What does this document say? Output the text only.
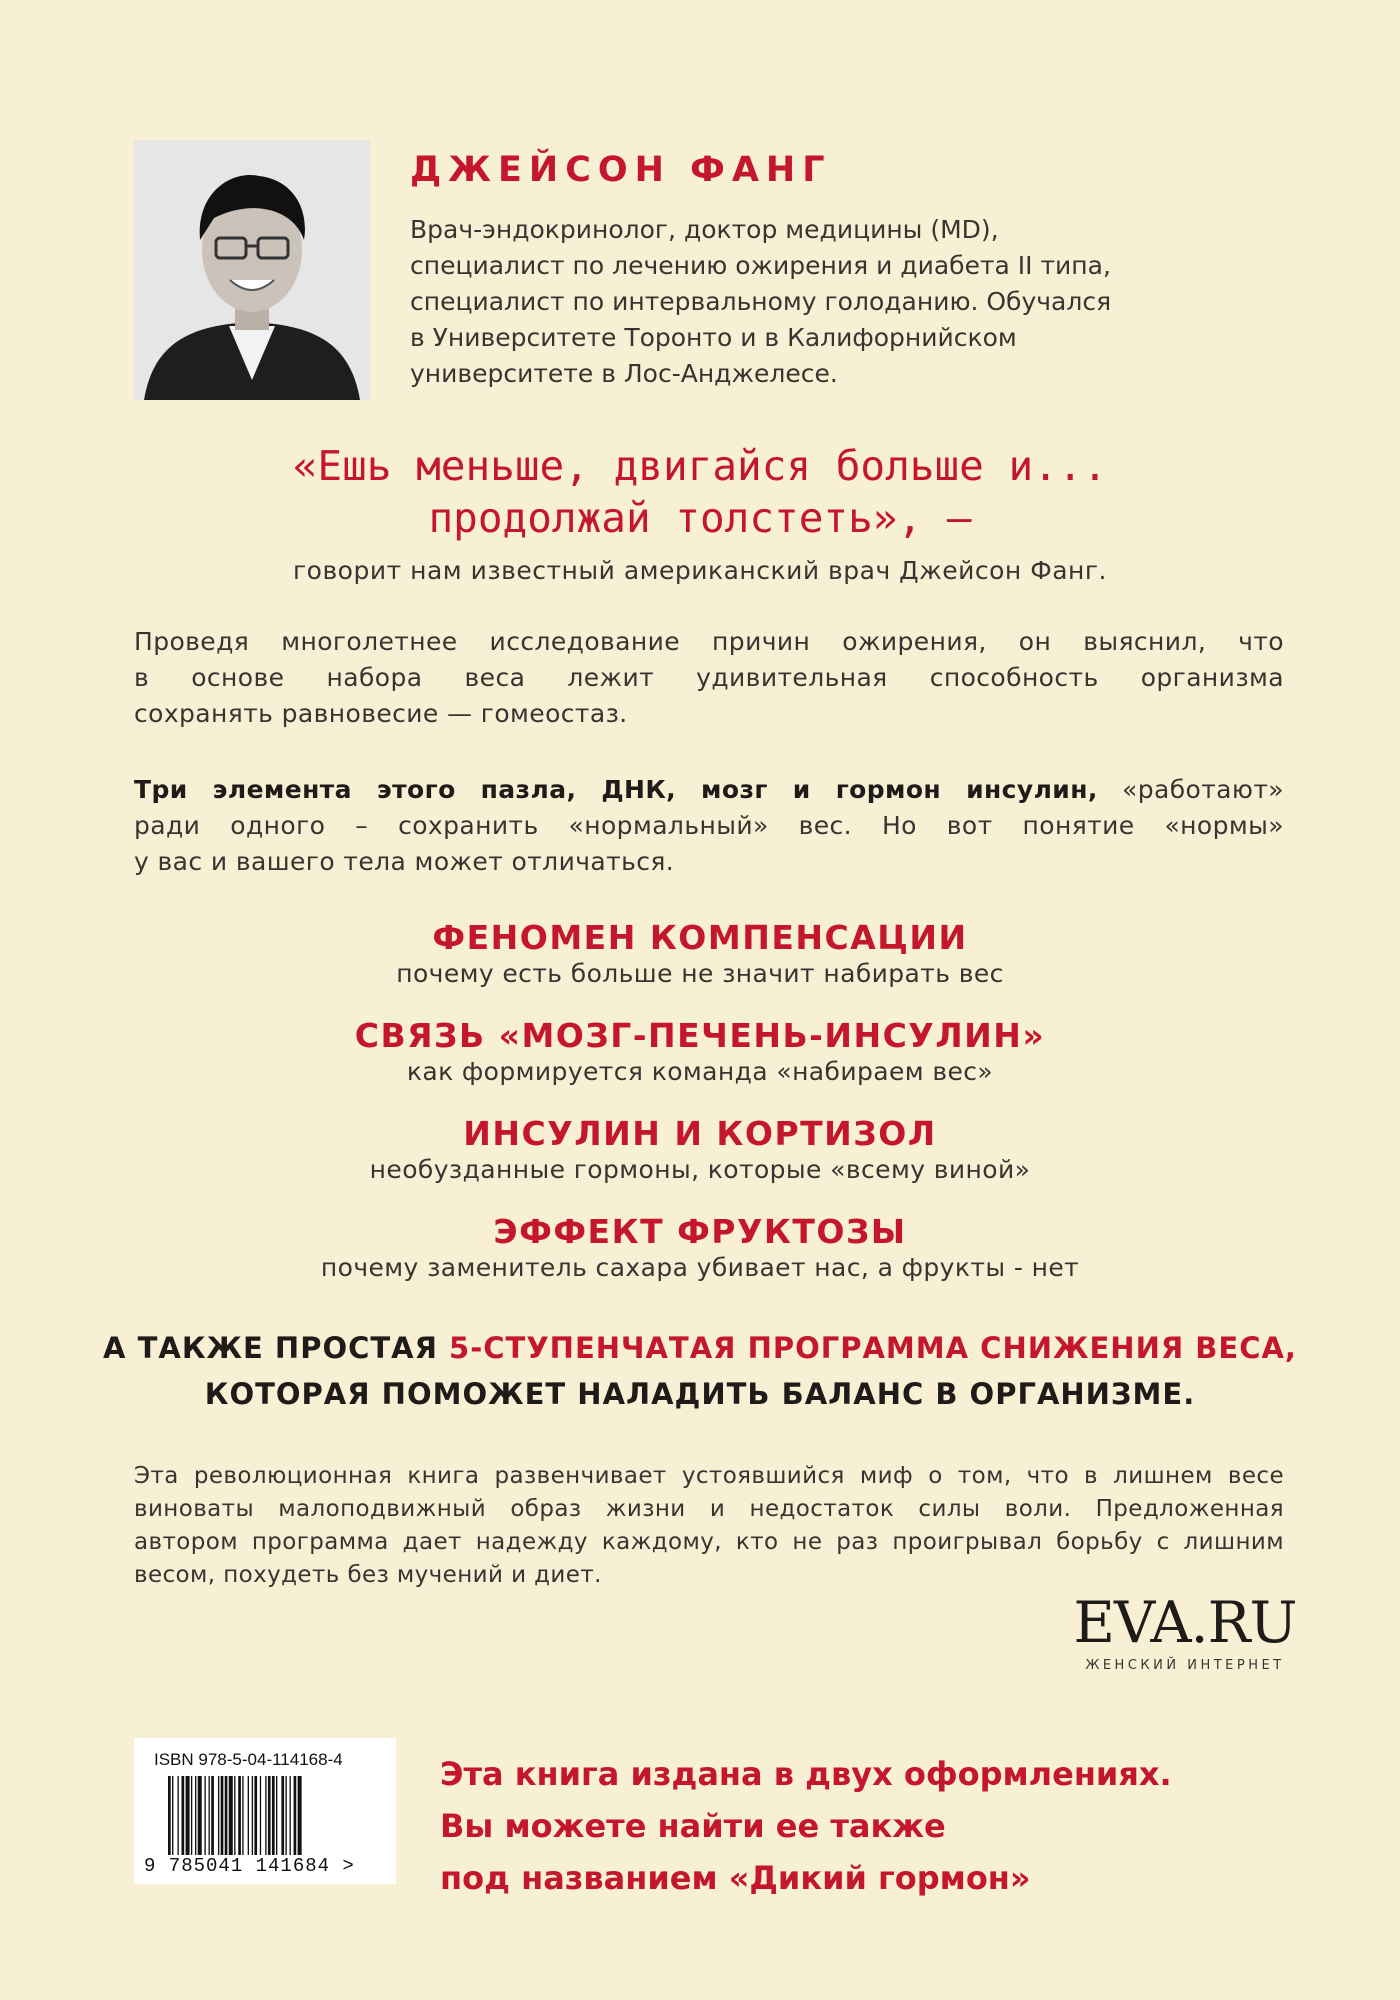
ДЖЕЙСОН ФАНГ
Врач-эндокринолог, доктор медицины (MD),
специалист по лечению ожирения и диабета II типа,
специалист по интервальному голоданию. Обучался
в Университете Торонто и в Калифорнийском
университете в Лос-Анджелесе.
«Ешь меньше, двигайся больше и...
продолжай толстеть», —
говорит нам известный американский врач Джейсон Фанг.
Проведя многолетнее исследование причин ожирения, он выяснил, что
в основе набора веса лежит удивительная способность организма
сохранять равновесие — гомеостаз.
Три элемента этого пазла, ДНК, мозг и гормон инсулин, «работают»
ради одного – сохранить «нормальный» вес. Но вот понятие «нормы»
у вас и вашего тела может отличаться.
ФЕНОМЕН КОМПЕНСАЦИИ
почему есть больше не значит набирать вес
СВЯЗЬ «МОЗГ-ПЕЧЕНЬ-ИНСУЛИН»
как формируется команда «набираем вес»
ИНСУЛИН И КОРТИЗОЛ
необузданные гормоны, которые «всему виной»
ЭФФЕКТ ФРУКТОЗЫ
почему заменитель сахара убивает нас, а фрукты - нет
А ТАКЖЕ ПРОСТАЯ 5-СТУПЕНЧАТАЯ ПРОГРАММА СНИЖЕНИЯ ВЕСА,
КОТОРАЯ ПОМОЖЕТ НАЛАДИТЬ БАЛАНС В ОРГАНИЗМЕ.
Эта революционная книга развенчивает устоявшийся миф о том, что в лишнем весе
виноваты малоподвижный образ жизни и недостаток силы воли. Предложенная
автором программа дает надежду каждому, кто не раз проигрывал борьбу с лишним
весом, похудеть без мучений и диет.
EVA.RU
ЖЕНСКИЙ ИНТЕРНЕТ
ISBN 978-5-04-114168-4
9 785041 141684 >
Эта книга издана в двух оформлениях.
Вы можете найти ее также
под названием «Дикий гормон»
